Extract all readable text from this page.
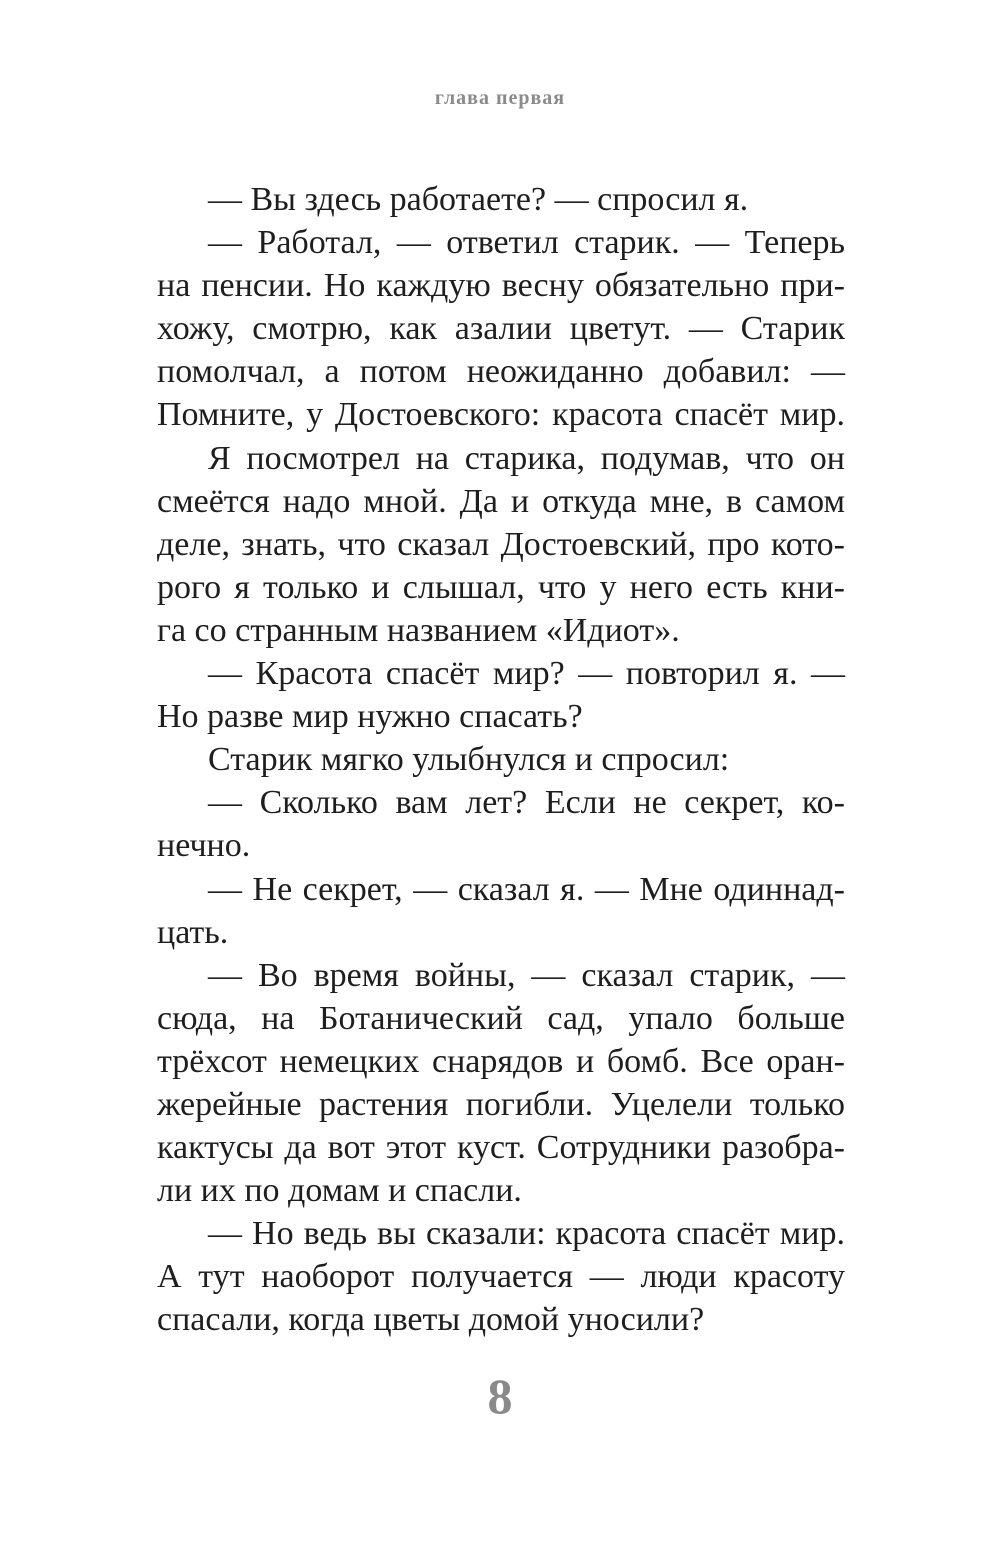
глава первая
— Вы здесь работаете? — спросил я.
— Работал, — ответил старик. — Теперь
на пенсии. Но каждую весну обязательно при-
хожу, смотрю, как азалии цветут. — Старик
помолчал, а потом неожиданно добавил: —
Помните, у Достоевского: красота спасёт мир.
Я посмотрел на старика, подумав, что он
смеётся надо мной. Да и откуда мне, в самом
деле, знать, что сказал Достоевский, про кото-
рого я только и слышал, что у него есть кни-
га со странным названием «Идиот».
— Красота спасёт мир? — повторил я. —
Но разве мир нужно спасать?
Старик мягко улыбнулся и спросил:
— Сколько вам лет? Если не секрет, ко-
нечно.
— Не секрет, — сказал я. — Мне одиннад-
цать.
— Во время войны, — сказал старик, —
сюда, на Ботанический сад, упало больше
трёхсот немецких снарядов и бомб. Все оран-
жерейные растения погибли. Уцелели только
кактусы да вот этот куст. Сотрудники разобра-
ли их по домам и спасли.
— Но ведь вы сказали: красота спасёт мир.
А тут наоборот получается — люди красоту
спасали, когда цветы домой уносили?
8
